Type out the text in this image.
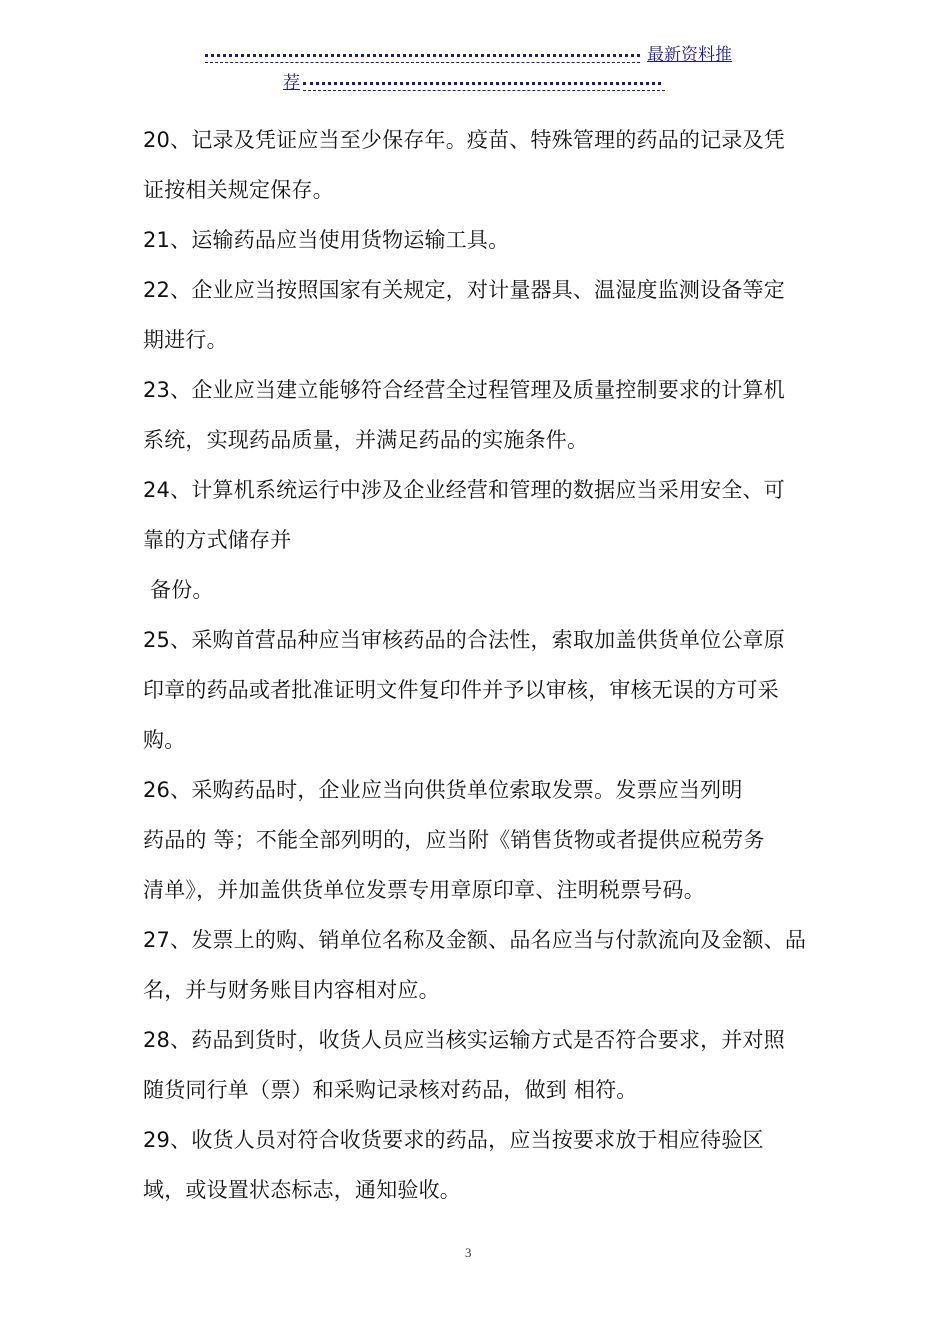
最新资料推
荐
20、记录及凭证应当至少保存年。疫苗、特殊管理的药品的记录及凭
证按相关规定保存。
21、运输药品应当使用货物运输工具。
22、企业应当按照国家有关规定，对计量器具、温湿度监测设备等定
期进行。
23、企业应当建立能够符合经营全过程管理及质量控制要求的计算机
系统，实现药品质量，并满足药品的实施条件。
24、计算机系统运行中涉及企业经营和管理的数据应当采用安全、可
靠的方式储存并
备份。
25、采购首营品种应当审核药品的合法性，索取加盖供货单位公章原
印章的药品或者批准证明文件复印件并予以审核，审核无误的方可采
购。
26、采购药品时，企业应当向供货单位索取发票。发票应当列明
药品的 等；不能全部列明的，应当附《销售货物或者提供应税劳务
清单》，并加盖供货单位发票专用章原印章、注明税票号码。
27、发票上的购、销单位名称及金额、品名应当与付款流向及金额、品
名，并与财务账目内容相对应。
28、药品到货时，收货人员应当核实运输方式是否符合要求，并对照
随货同行单（票）和采购记录核对药品，做到 相符。
29、收货人员对符合收货要求的药品，应当按要求放于相应待验区
域，或设置状态标志，通知验收。
3
